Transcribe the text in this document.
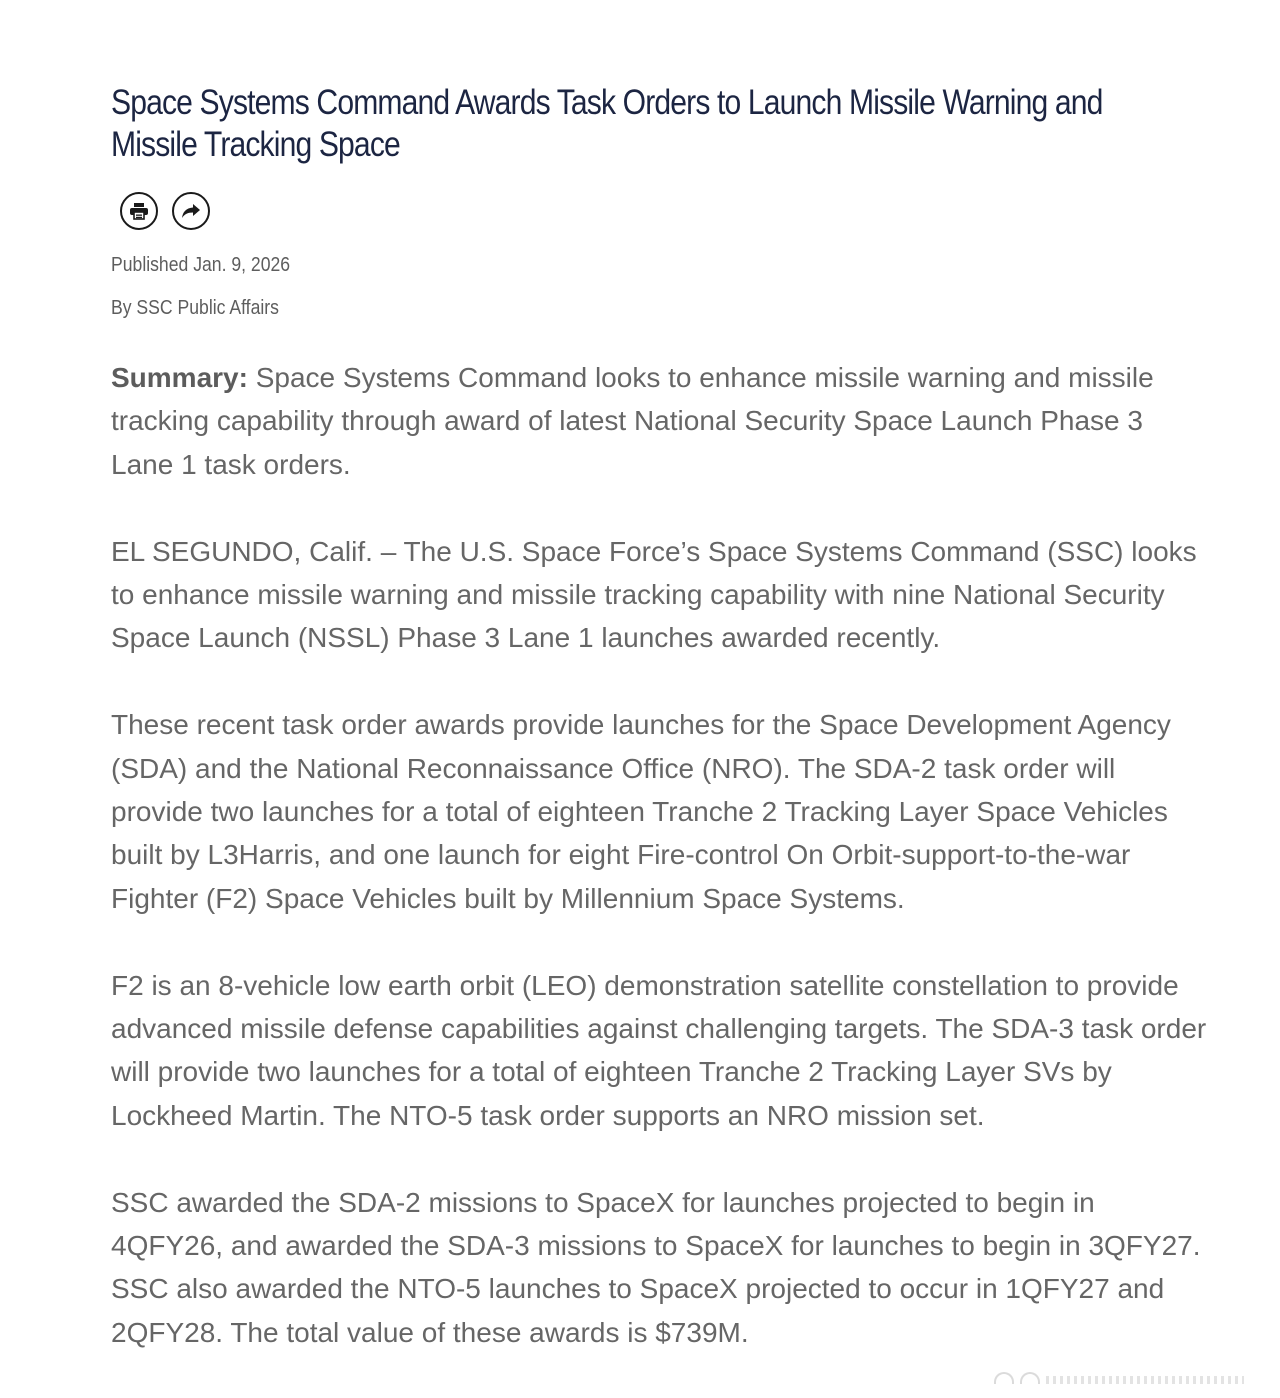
Space Systems Command Awards Task Orders to Launch Missile Warning and Missile Tracking Space
Published Jan. 9, 2026
By SSC Public Affairs

Summary: Space Systems Command looks to enhance missile warning and missile tracking capability through award of latest National Security Space Launch Phase 3 Lane 1 task orders.

EL SEGUNDO, Calif. – The U.S. Space Force’s Space Systems Command (SSC) looks to enhance missile warning and missile tracking capability with nine National Security Space Launch (NSSL) Phase 3 Lane 1 launches awarded recently.

These recent task order awards provide launches for the Space Development Agency (SDA) and the National Reconnaissance Office (NRO). The SDA-2 task order will provide two launches for a total of eighteen Tranche 2 Tracking Layer Space Vehicles built by L3Harris, and one launch for eight Fire-control On Orbit-support-to-the-war Fighter (F2) Space Vehicles built by Millennium Space Systems.

F2 is an 8-vehicle low earth orbit (LEO) demonstration satellite constellation to provide advanced missile defense capabilities against challenging targets. The SDA-3 task order will provide two launches for a total of eighteen Tranche 2 Tracking Layer SVs by Lockheed Martin. The NTO-5 task order supports an NRO mission set.

SSC awarded the SDA-2 missions to SpaceX for launches projected to begin in 4QFY26, and awarded the SDA-3 missions to SpaceX for launches to begin in 3QFY27. SSC also awarded the NTO-5 launches to SpaceX projected to occur in 1QFY27 and 2QFY28. The total value of these awards is $739M.
